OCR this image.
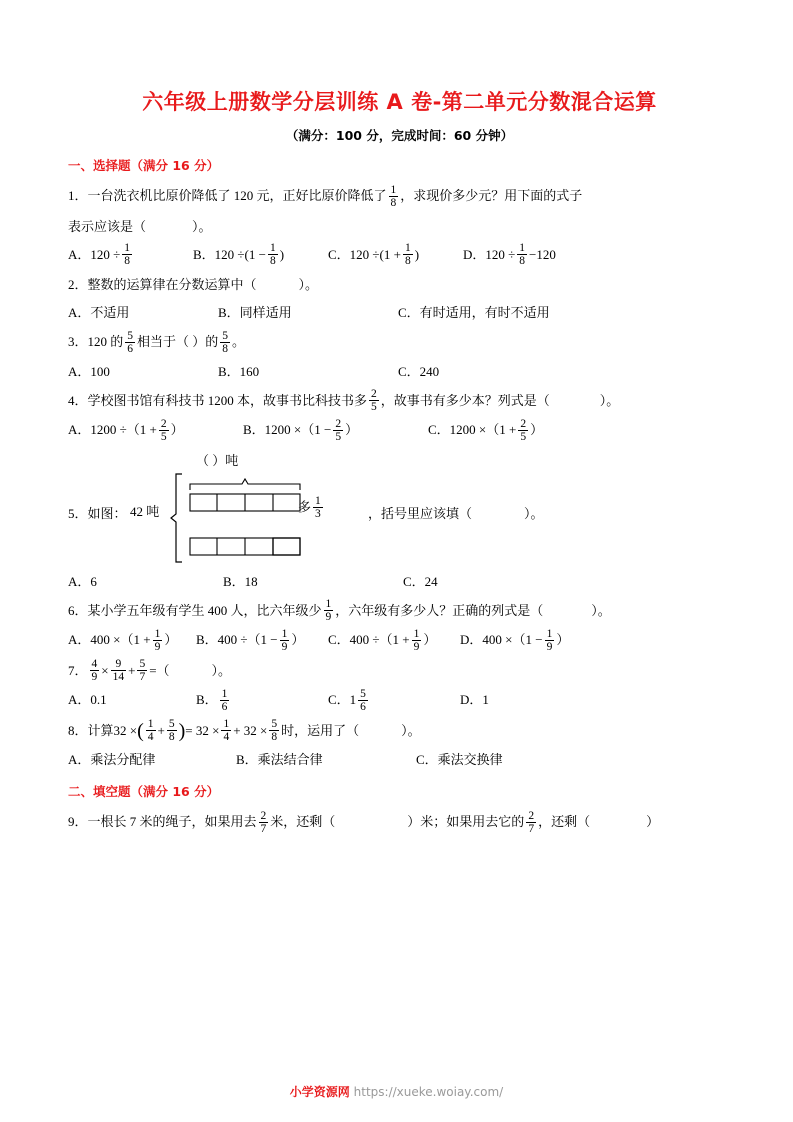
六年级上册数学分层训练 A 卷-第二单元分数混合运算
（满分：100 分，完成时间：60 分钟）
一、选择题（满分 16 分）
1．一台洗衣机比原价降低了 120 元，正好比原价降低了 $\frac{1}{8}$ ，求现价多少元？用下面的式子
表示应该是（	）。
A．$120 \div \frac{1}{8}$	B．$120 \div(1 - \frac{1}{8}$ )	C．$120 \div(1 + \frac{1}{8}$ )	D．$120 \div \frac{1}{8} -120$
2．整数的运算律在分数运算中（	）。
A．不适用	B．同样适用	C．有时适用，有时不适用
3．120 的 $\frac{5}{6}$ 相当于（ ）的 $\frac{5}{8}$ 。
A．100	B．160	C．240
4．学校图书馆有科技书 1200 本，故事书比科技书多 $\frac{2}{5}$ ，故事书有多少本？列式是（	）。
A．$1200 \div(1 + \frac{2}{5}$ ）	B．$1200 \times(1 - \frac{2}{5}$ ）	C．$1200 \times(1 + \frac{2}{5}$ ）
5．如图： 42 吨
（ ）吨
多 $\frac{1}{3}$	，括号里应该填（	）。
A．6	B．18	C．24
6．某小学五年级有学生 400 人，比六年级少 $\frac{1}{9}$ ，六年级有多少人？正确的列式是（	）。
A．$400 \times(1 + \frac{1}{9}$ ）	B．$400 \div(1 - \frac{1}{9}$ ）	C．$400 \div(1 + \frac{1}{9}$ ）	D．$400 \times(1 - \frac{1}{9}$ ）
7． $\frac{4}{9} \times \frac{9}{14} + \frac{5}{7}$ =（	）。
A．0.1	B． $\frac{1}{6}$	C．$1 \frac{5}{6}$	D．1
8．计算32 ×( $\frac{1}{4} + \frac{5}{8}$ )= $32 \times \frac{1}{4} + 32 \times \frac{5}{8}$ 时，运用了（	）。
A．乘法分配律	B．乘法结合律	C．乘法交换律
二、填空题（满分 16 分）
9．一根长 7 米的绳子，如果用去 $\frac{2}{7}$ 米，还剩（	）米；如果用去它的 $\frac{2}{7}$ ，还剩（	）
小学资源网 https://xueke.woiay.com/
